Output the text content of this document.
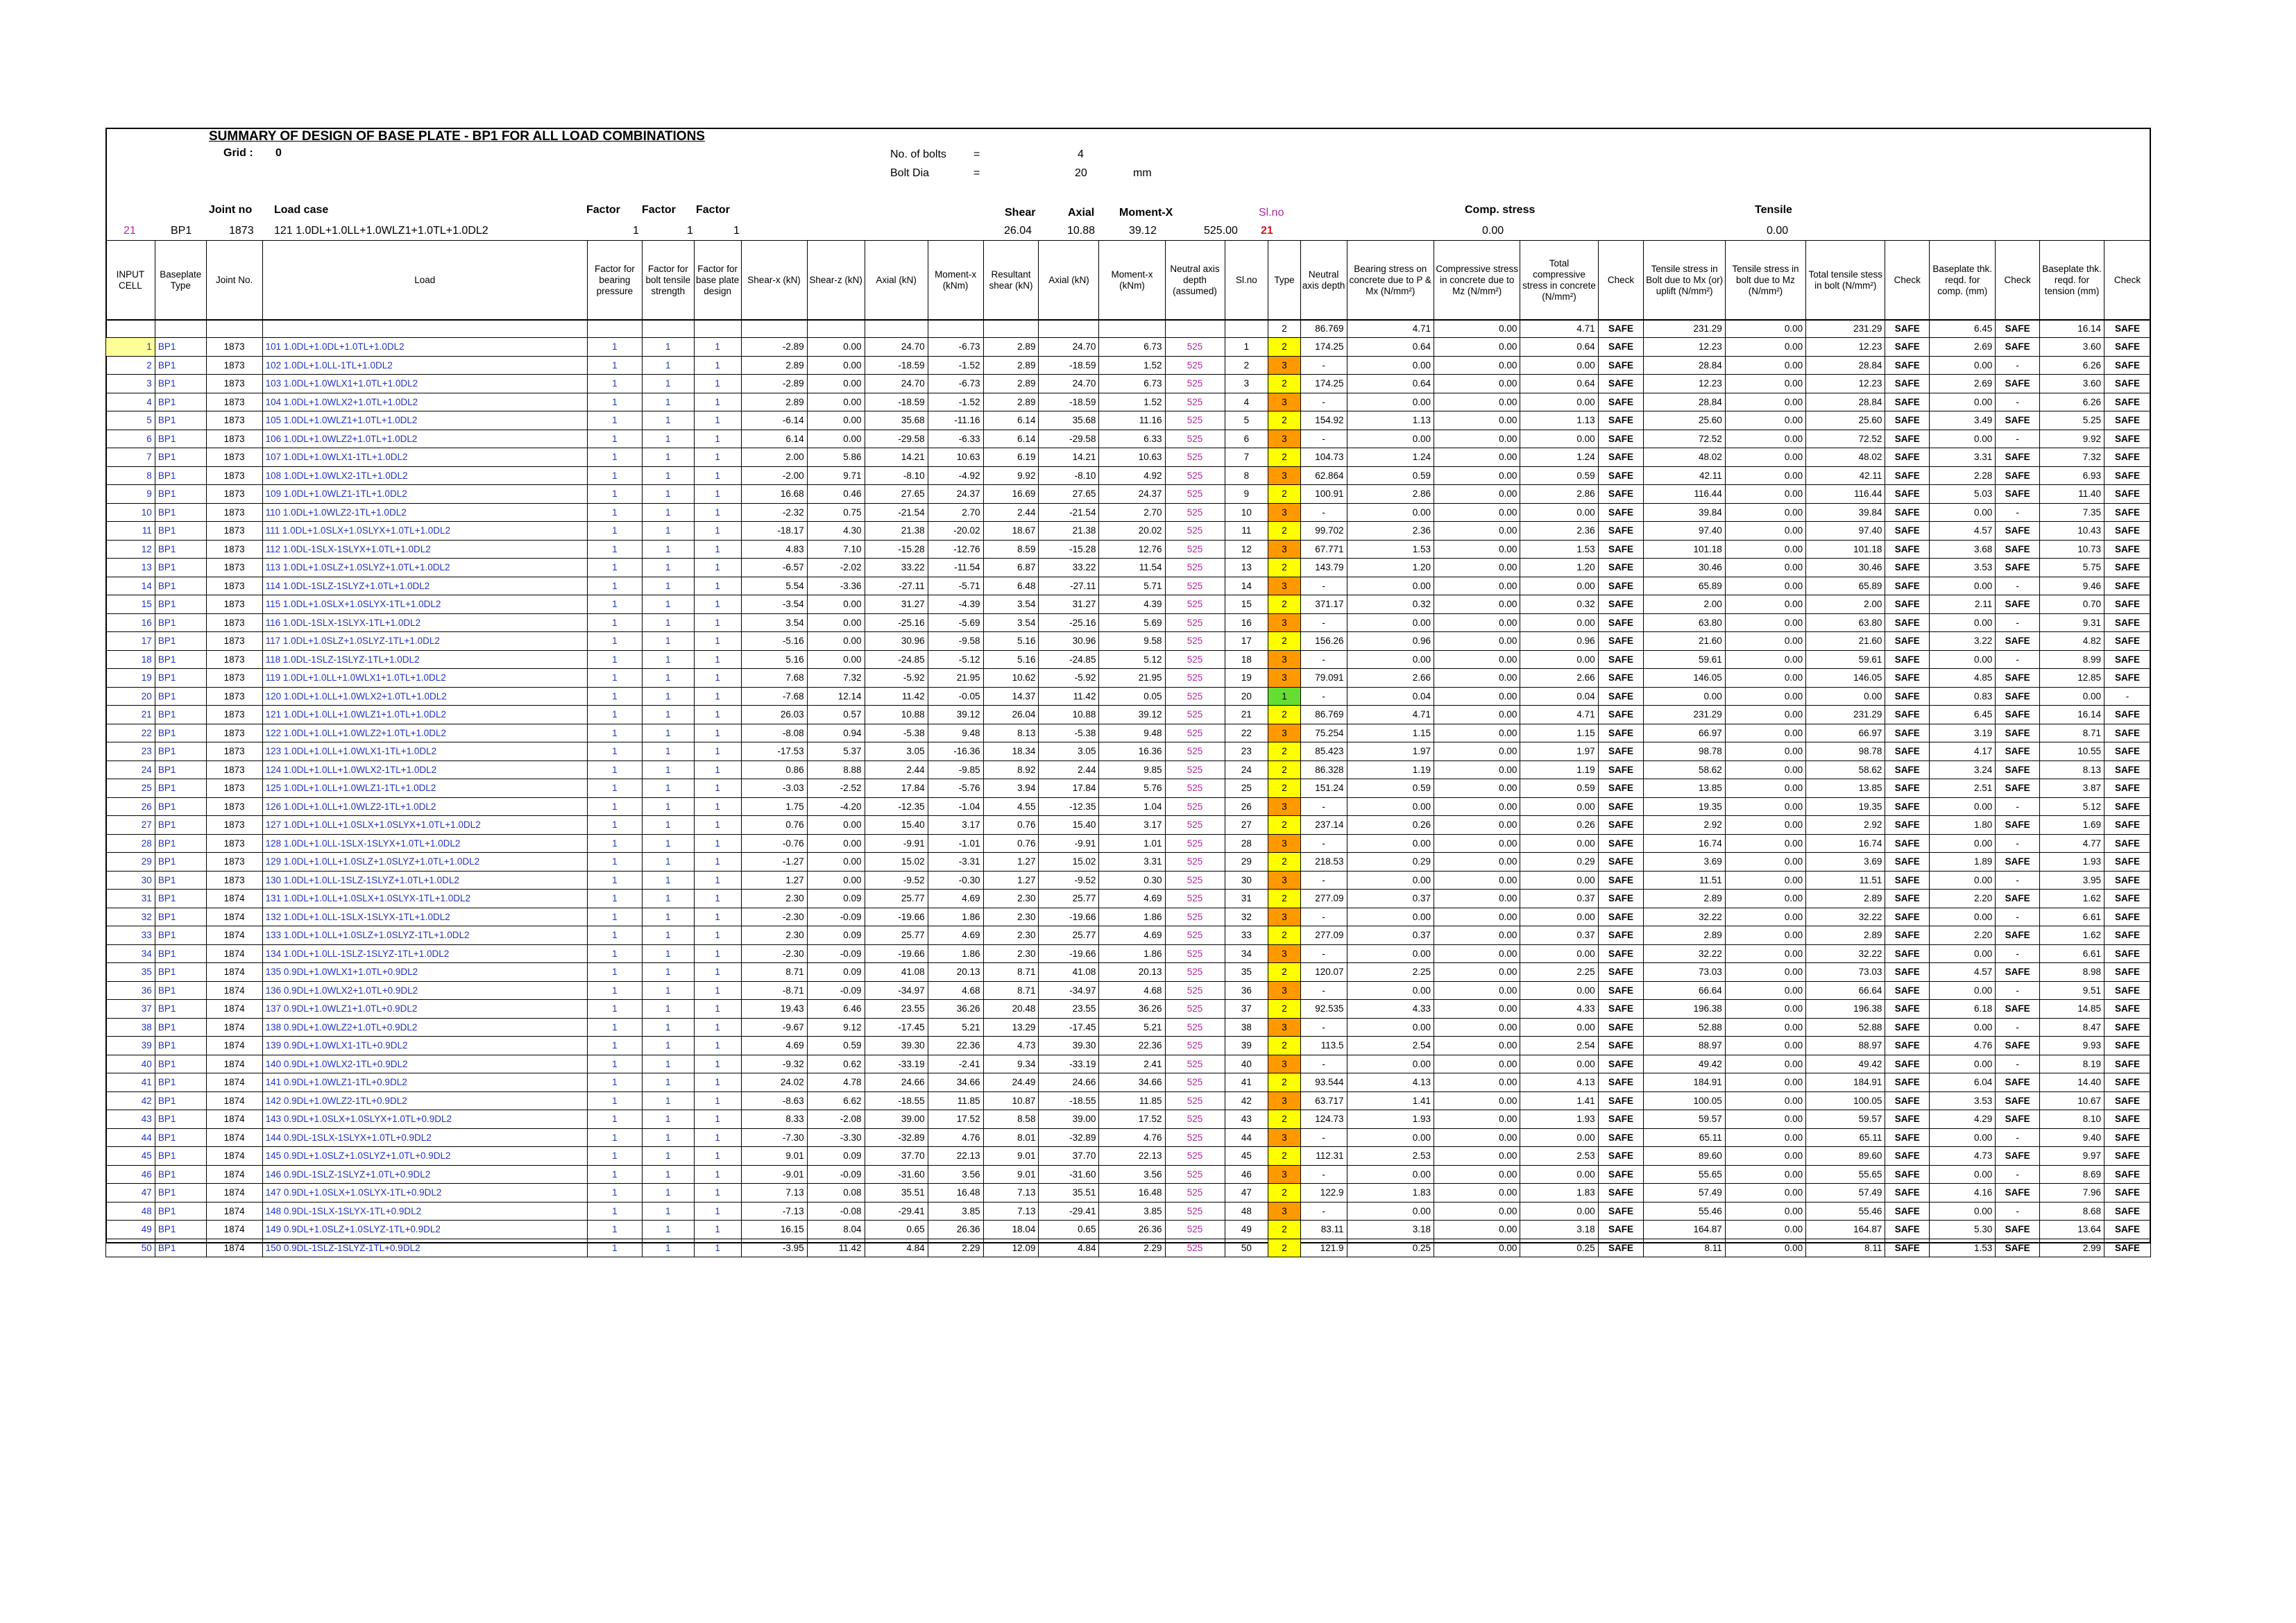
SUMMARY OF DESIGN OF BASE PLATE - BP1 FOR ALL LOAD COMBINATIONS
Grid : 0	No. of bolts =	4
Bolt Dia	=	20	mm
Joint no Load case	Factor Factor Factor	Shear	Axial Moment-X	Sl.no	Comp. stress	Tensile
21	BP1	1873 121 1.0DL+1.0LL+1.0WLZ1+1.0TL+1.0DL2	1	1	1	26.04	10.88	39.12	525.00 21	0.00	0.00
INPUT CELL	Baseplate Type	Joint No.	Load	Factor for bearing pressure	Factor for bolt tensile strength	Factor for base plate design	Shear-x (kN)	Shear-z (kN)	Axial (kN)	Moment-x (kNm)	Resultant shear (kN)	Axial (kN)	Moment-x (kNm)	Neutral axis depth (assumed)	Sl.no	Type	Neutral axis depth	Bearing stress on concrete due to P & Mx (N/mm²)	Compressive stress in concrete due to Mz (N/mm²)	Total compressive stress in concrete (N/mm²)	Check	Tensile stress in Bolt due to Mx (or) uplift (N/mm²)	Tensile stress in bolt due to Mz (N/mm²)	Total tensile stess in bolt (N/mm²)	Check	Baseplate thk. reqd. for comp. (mm)	Check	Baseplate thk. reqd. for tension (mm)	Check
																2	86.769	4.71	0.00	4.71	SAFE	231.29	0.00	231.29	SAFE	6.45	SAFE	16.14	SAFE
1	BP1	1873	101 1.0DL+1.0DL+1.0TL+1.0DL2	1	1	1	-2.89	0.00	24.70	-6.73	2.89	24.70	6.73	525	1	2	174.25	0.64	0.00	0.64	SAFE	12.23	0.00	12.23	SAFE	2.69	SAFE	3.60	SAFE
2	BP1	1873	102 1.0DL+1.0LL-1TL+1.0DL2	1	1	1	2.89	0.00	-18.59	-1.52	2.89	-18.59	1.52	525	2	3	-	0.00	0.00	0.00	SAFE	28.84	0.00	28.84	SAFE	0.00	-	6.26	SAFE
3	BP1	1873	103 1.0DL+1.0WLX1+1.0TL+1.0DL2	1	1	1	-2.89	0.00	24.70	-6.73	2.89	24.70	6.73	525	3	2	174.25	0.64	0.00	0.64	SAFE	12.23	0.00	12.23	SAFE	2.69	SAFE	3.60	SAFE
4	BP1	1873	104 1.0DL+1.0WLX2+1.0TL+1.0DL2	1	1	1	2.89	0.00	-18.59	-1.52	2.89	-18.59	1.52	525	4	3	-	0.00	0.00	0.00	SAFE	28.84	0.00	28.84	SAFE	0.00	-	6.26	SAFE
5	BP1	1873	105 1.0DL+1.0WLZ1+1.0TL+1.0DL2	1	1	1	-6.14	0.00	35.68	-11.16	6.14	35.68	11.16	525	5	2	154.92	1.13	0.00	1.13	SAFE	25.60	0.00	25.60	SAFE	3.49	SAFE	5.25	SAFE
6	BP1	1873	106 1.0DL+1.0WLZ2+1.0TL+1.0DL2	1	1	1	6.14	0.00	-29.58	-6.33	6.14	-29.58	6.33	525	6	3	-	0.00	0.00	0.00	SAFE	72.52	0.00	72.52	SAFE	0.00	-	9.92	SAFE
7	BP1	1873	107 1.0DL+1.0WLX1-1TL+1.0DL2	1	1	1	2.00	5.86	14.21	10.63	6.19	14.21	10.63	525	7	2	104.73	1.24	0.00	1.24	SAFE	48.02	0.00	48.02	SAFE	3.31	SAFE	7.32	SAFE
8	BP1	1873	108 1.0DL+1.0WLX2-1TL+1.0DL2	1	1	1	-2.00	9.71	-8.10	-4.92	9.92	-8.10	4.92	525	8	3	62.864	0.59	0.00	0.59	SAFE	42.11	0.00	42.11	SAFE	2.28	SAFE	6.93	SAFE
9	BP1	1873	109 1.0DL+1.0WLZ1-1TL+1.0DL2	1	1	1	16.68	0.46	27.65	24.37	16.69	27.65	24.37	525	9	2	100.91	2.86	0.00	2.86	SAFE	116.44	0.00	116.44	SAFE	5.03	SAFE	11.40	SAFE
10	BP1	1873	110 1.0DL+1.0WLZ2-1TL+1.0DL2	1	1	1	-2.32	0.75	-21.54	2.70	2.44	-21.54	2.70	525	10	3	-	0.00	0.00	0.00	SAFE	39.84	0.00	39.84	SAFE	0.00	-	7.35	SAFE
11	BP1	1873	111 1.0DL+1.0SLX+1.0SLYX+1.0TL+1.0DL2	1	1	1	-18.17	4.30	21.38	-20.02	18.67	21.38	20.02	525	11	2	99.702	2.36	0.00	2.36	SAFE	97.40	0.00	97.40	SAFE	4.57	SAFE	10.43	SAFE
12	BP1	1873	112 1.0DL-1SLX-1SLYX+1.0TL+1.0DL2	1	1	1	4.83	7.10	-15.28	-12.76	8.59	-15.28	12.76	525	12	3	67.771	1.53	0.00	1.53	SAFE	101.18	0.00	101.18	SAFE	3.68	SAFE	10.73	SAFE
13	BP1	1873	113 1.0DL+1.0SLZ+1.0SLYZ+1.0TL+1.0DL2	1	1	1	-6.57	-2.02	33.22	-11.54	6.87	33.22	11.54	525	13	2	143.79	1.20	0.00	1.20	SAFE	30.46	0.00	30.46	SAFE	3.53	SAFE	5.75	SAFE
14	BP1	1873	114 1.0DL-1SLZ-1SLYZ+1.0TL+1.0DL2	1	1	1	5.54	-3.36	-27.11	-5.71	6.48	-27.11	5.71	525	14	3	-	0.00	0.00	0.00	SAFE	65.89	0.00	65.89	SAFE	0.00	-	9.46	SAFE
15	BP1	1873	115 1.0DL+1.0SLX+1.0SLYX-1TL+1.0DL2	1	1	1	-3.54	0.00	31.27	-4.39	3.54	31.27	4.39	525	15	2	371.17	0.32	0.00	0.32	SAFE	2.00	0.00	2.00	SAFE	2.11	SAFE	0.70	SAFE
16	BP1	1873	116 1.0DL-1SLX-1SLYX-1TL+1.0DL2	1	1	1	3.54	0.00	-25.16	-5.69	3.54	-25.16	5.69	525	16	3	-	0.00	0.00	0.00	SAFE	63.80	0.00	63.80	SAFE	0.00	-	9.31	SAFE
17	BP1	1873	117 1.0DL+1.0SLZ+1.0SLYZ-1TL+1.0DL2	1	1	1	-5.16	0.00	30.96	-9.58	5.16	30.96	9.58	525	17	2	156.26	0.96	0.00	0.96	SAFE	21.60	0.00	21.60	SAFE	3.22	SAFE	4.82	SAFE
18	BP1	1873	118 1.0DL-1SLZ-1SLYZ-1TL+1.0DL2	1	1	1	5.16	0.00	-24.85	-5.12	5.16	-24.85	5.12	525	18	3	-	0.00	0.00	0.00	SAFE	59.61	0.00	59.61	SAFE	0.00	-	8.99	SAFE
19	BP1	1873	119 1.0DL+1.0LL+1.0WLX1+1.0TL+1.0DL2	1	1	1	7.68	7.32	-5.92	21.95	10.62	-5.92	21.95	525	19	3	79.091	2.66	0.00	2.66	SAFE	146.05	0.00	146.05	SAFE	4.85	SAFE	12.85	SAFE
20	BP1	1873	120 1.0DL+1.0LL+1.0WLX2+1.0TL+1.0DL2	1	1	1	-7.68	12.14	11.42	-0.05	14.37	11.42	0.05	525	20	1	-	0.04	0.00	0.04	SAFE	0.00	0.00	0.00	SAFE	0.83	SAFE	0.00	-
21	BP1	1873	121 1.0DL+1.0LL+1.0WLZ1+1.0TL+1.0DL2	1	1	1	26.03	0.57	10.88	39.12	26.04	10.88	39.12	525	21	2	86.769	4.71	0.00	4.71	SAFE	231.29	0.00	231.29	SAFE	6.45	SAFE	16.14	SAFE
22	BP1	1873	122 1.0DL+1.0LL+1.0WLZ2+1.0TL+1.0DL2	1	1	1	-8.08	0.94	-5.38	9.48	8.13	-5.38	9.48	525	22	3	75.254	1.15	0.00	1.15	SAFE	66.97	0.00	66.97	SAFE	3.19	SAFE	8.71	SAFE
23	BP1	1873	123 1.0DL+1.0LL+1.0WLX1-1TL+1.0DL2	1	1	1	-17.53	5.37	3.05	-16.36	18.34	3.05	16.36	525	23	2	85.423	1.97	0.00	1.97	SAFE	98.78	0.00	98.78	SAFE	4.17	SAFE	10.55	SAFE
24	BP1	1873	124 1.0DL+1.0LL+1.0WLX2-1TL+1.0DL2	1	1	1	0.86	8.88	2.44	-9.85	8.92	2.44	9.85	525	24	2	86.328	1.19	0.00	1.19	SAFE	58.62	0.00	58.62	SAFE	3.24	SAFE	8.13	SAFE
25	BP1	1873	125 1.0DL+1.0LL+1.0WLZ1-1TL+1.0DL2	1	1	1	-3.03	-2.52	17.84	-5.76	3.94	17.84	5.76	525	25	2	151.24	0.59	0.00	0.59	SAFE	13.85	0.00	13.85	SAFE	2.51	SAFE	3.87	SAFE
26	BP1	1873	126 1.0DL+1.0LL+1.0WLZ2-1TL+1.0DL2	1	1	1	1.75	-4.20	-12.35	-1.04	4.55	-12.35	1.04	525	26	3	-	0.00	0.00	0.00	SAFE	19.35	0.00	19.35	SAFE	0.00	-	5.12	SAFE
27	BP1	1873	127 1.0DL+1.0LL+1.0SLX+1.0SLYX+1.0TL+1.0DL2	1	1	1	0.76	0.00	15.40	3.17	0.76	15.40	3.17	525	27	2	237.14	0.26	0.00	0.26	SAFE	2.92	0.00	2.92	SAFE	1.80	SAFE	1.69	SAFE
28	BP1	1873	128 1.0DL+1.0LL-1SLX-1SLYX+1.0TL+1.0DL2	1	1	1	-0.76	0.00	-9.91	-1.01	0.76	-9.91	1.01	525	28	3	-	0.00	0.00	0.00	SAFE	16.74	0.00	16.74	SAFE	0.00	-	4.77	SAFE
29	BP1	1873	129 1.0DL+1.0LL+1.0SLZ+1.0SLYZ+1.0TL+1.0DL2	1	1	1	-1.27	0.00	15.02	-3.31	1.27	15.02	3.31	525	29	2	218.53	0.29	0.00	0.29	SAFE	3.69	0.00	3.69	SAFE	1.89	SAFE	1.93	SAFE
30	BP1	1873	130 1.0DL+1.0LL-1SLZ-1SLYZ+1.0TL+1.0DL2	1	1	1	1.27	0.00	-9.52	-0.30	1.27	-9.52	0.30	525	30	3	-	0.00	0.00	0.00	SAFE	11.51	0.00	11.51	SAFE	0.00	-	3.95	SAFE
31	BP1	1874	131 1.0DL+1.0LL+1.0SLX+1.0SLYX-1TL+1.0DL2	1	1	1	2.30	0.09	25.77	4.69	2.30	25.77	4.69	525	31	2	277.09	0.37	0.00	0.37	SAFE	2.89	0.00	2.89	SAFE	2.20	SAFE	1.62	SAFE
32	BP1	1874	132 1.0DL+1.0LL-1SLX-1SLYX-1TL+1.0DL2	1	1	1	-2.30	-0.09	-19.66	1.86	2.30	-19.66	1.86	525	32	3	-	0.00	0.00	0.00	SAFE	32.22	0.00	32.22	SAFE	0.00	-	6.61	SAFE
33	BP1	1874	133 1.0DL+1.0LL+1.0SLZ+1.0SLYZ-1TL+1.0DL2	1	1	1	2.30	0.09	25.77	4.69	2.30	25.77	4.69	525	33	2	277.09	0.37	0.00	0.37	SAFE	2.89	0.00	2.89	SAFE	2.20	SAFE	1.62	SAFE
34	BP1	1874	134 1.0DL+1.0LL-1SLZ-1SLYZ-1TL+1.0DL2	1	1	1	-2.30	-0.09	-19.66	1.86	2.30	-19.66	1.86	525	34	3	-	0.00	0.00	0.00	SAFE	32.22	0.00	32.22	SAFE	0.00	-	6.61	SAFE
35	BP1	1874	135 0.9DL+1.0WLX1+1.0TL+0.9DL2	1	1	1	8.71	0.09	41.08	20.13	8.71	41.08	20.13	525	35	2	120.07	2.25	0.00	2.25	SAFE	73.03	0.00	73.03	SAFE	4.57	SAFE	8.98	SAFE
36	BP1	1874	136 0.9DL+1.0WLX2+1.0TL+0.9DL2	1	1	1	-8.71	-0.09	-34.97	4.68	8.71	-34.97	4.68	525	36	3	-	0.00	0.00	0.00	SAFE	66.64	0.00	66.64	SAFE	0.00	-	9.51	SAFE
37	BP1	1874	137 0.9DL+1.0WLZ1+1.0TL+0.9DL2	1	1	1	19.43	6.46	23.55	36.26	20.48	23.55	36.26	525	37	2	92.535	4.33	0.00	4.33	SAFE	196.38	0.00	196.38	SAFE	6.18	SAFE	14.85	SAFE
38	BP1	1874	138 0.9DL+1.0WLZ2+1.0TL+0.9DL2	1	1	1	-9.67	9.12	-17.45	5.21	13.29	-17.45	5.21	525	38	3	-	0.00	0.00	0.00	SAFE	52.88	0.00	52.88	SAFE	0.00	-	8.47	SAFE
39	BP1	1874	139 0.9DL+1.0WLX1-1TL+0.9DL2	1	1	1	4.69	0.59	39.30	22.36	4.73	39.30	22.36	525	39	2	113.5	2.54	0.00	2.54	SAFE	88.97	0.00	88.97	SAFE	4.76	SAFE	9.93	SAFE
40	BP1	1874	140 0.9DL+1.0WLX2-1TL+0.9DL2	1	1	1	-9.32	0.62	-33.19	-2.41	9.34	-33.19	2.41	525	40	3	-	0.00	0.00	0.00	SAFE	49.42	0.00	49.42	SAFE	0.00	-	8.19	SAFE
41	BP1	1874	141 0.9DL+1.0WLZ1-1TL+0.9DL2	1	1	1	24.02	4.78	24.66	34.66	24.49	24.66	34.66	525	41	2	93.544	4.13	0.00	4.13	SAFE	184.91	0.00	184.91	SAFE	6.04	SAFE	14.40	SAFE
42	BP1	1874	142 0.9DL+1.0WLZ2-1TL+0.9DL2	1	1	1	-8.63	6.62	-18.55	11.85	10.87	-18.55	11.85	525	42	3	63.717	1.41	0.00	1.41	SAFE	100.05	0.00	100.05	SAFE	3.53	SAFE	10.67	SAFE
43	BP1	1874	143 0.9DL+1.0SLX+1.0SLYX+1.0TL+0.9DL2	1	1	1	8.33	-2.08	39.00	17.52	8.58	39.00	17.52	525	43	2	124.73	1.93	0.00	1.93	SAFE	59.57	0.00	59.57	SAFE	4.29	SAFE	8.10	SAFE
44	BP1	1874	144 0.9DL-1SLX-1SLYX+1.0TL+0.9DL2	1	1	1	-7.30	-3.30	-32.89	4.76	8.01	-32.89	4.76	525	44	3	-	0.00	0.00	0.00	SAFE	65.11	0.00	65.11	SAFE	0.00	-	9.40	SAFE
45	BP1	1874	145 0.9DL+1.0SLZ+1.0SLYZ+1.0TL+0.9DL2	1	1	1	9.01	0.09	37.70	22.13	9.01	37.70	22.13	525	45	2	112.31	2.53	0.00	2.53	SAFE	89.60	0.00	89.60	SAFE	4.73	SAFE	9.97	SAFE
46	BP1	1874	146 0.9DL-1SLZ-1SLYZ+1.0TL+0.9DL2	1	1	1	-9.01	-0.09	-31.60	3.56	9.01	-31.60	3.56	525	46	3	-	0.00	0.00	0.00	SAFE	55.65	0.00	55.65	SAFE	0.00	-	8.69	SAFE
47	BP1	1874	147 0.9DL+1.0SLX+1.0SLYX-1TL+0.9DL2	1	1	1	7.13	0.08	35.51	16.48	7.13	35.51	16.48	525	47	2	122.9	1.83	0.00	1.83	SAFE	57.49	0.00	57.49	SAFE	4.16	SAFE	7.96	SAFE
48	BP1	1874	148 0.9DL-1SLX-1SLYX-1TL+0.9DL2	1	1	1	-7.13	-0.08	-29.41	3.85	7.13	-29.41	3.85	525	48	3	-	0.00	0.00	0.00	SAFE	55.46	0.00	55.46	SAFE	0.00	-	8.68	SAFE
49	BP1	1874	149 0.9DL+1.0SLZ+1.0SLYZ-1TL+0.9DL2	1	1	1	16.15	8.04	0.65	26.36	18.04	0.65	26.36	525	49	2	83.11	3.18	0.00	3.18	SAFE	164.87	0.00	164.87	SAFE	5.30	SAFE	13.64	SAFE
50	BP1	1874	150 0.9DL-1SLZ-1SLYZ-1TL+0.9DL2	1	1	1	-3.95	11.42	4.84	2.29	12.09	4.84	2.29	525	50	2	121.9	0.25	0.00	0.25	SAFE	8.11	0.00	8.11	SAFE	1.53	SAFE	2.99	SAFE
